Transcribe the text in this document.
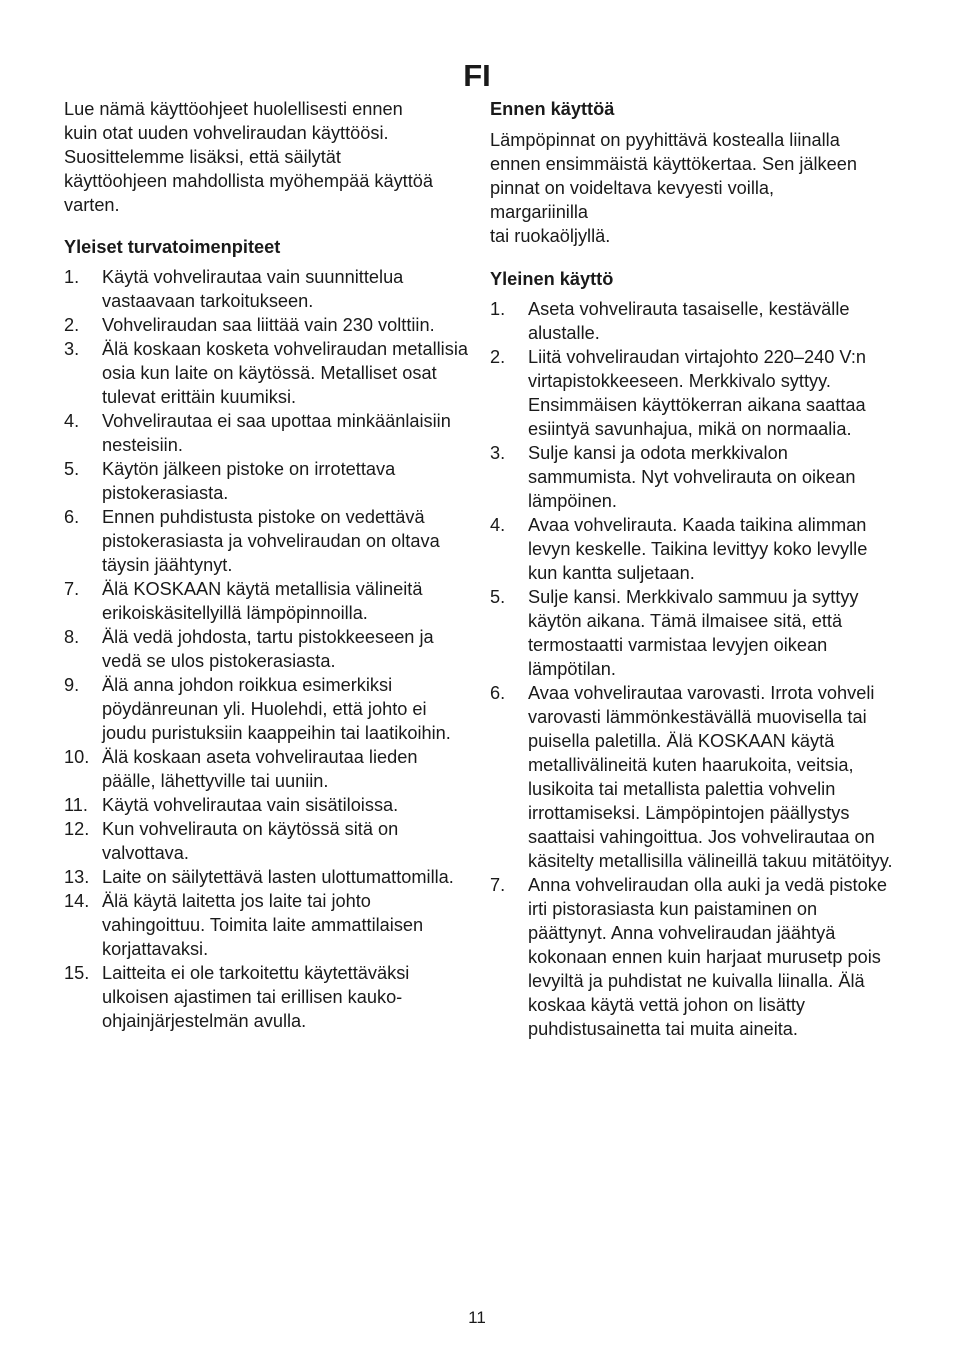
FI

Lue nämä käyttöohjeet huolellisesti ennen
kuin otat uuden vohveliraudan käyttöösi.
Suosittelemme lisäksi, että säilytät
käyttöohjeen mahdollista myöhempää käyttöä
varten.

Yleiset turvatoimenpiteet
1. Käytä vohvelirautaa vain suunnittelua vastaavaan tarkoitukseen.
2. Vohveliraudan saa liittää vain 230 volttiin.
3. Älä koskaan kosketa vohveliraudan metallisia osia kun laite on käytössä. Metalliset osat tulevat erittäin kuumiksi.
4. Vohvelirautaa ei saa upottaa minkäänlaisiin nesteisiin.
5. Käytön jälkeen pistoke on irrotettava pistokerasiasta.
6. Ennen puhdistusta pistoke on vedettävä pistokerasiasta ja vohveliraudan on oltava täysin jäähtynyt.
7. Älä KOSKAAN käytä metallisia välineitä erikoiskäsitellyillä lämpöpinnoilla.
8. Älä vedä johdosta, tartu pistokkeeseen ja vedä se ulos pistokerasiasta.
9. Älä anna johdon roikkua esimerkiksi pöydänreunan yli. Huolehdi, että johto ei joudu puristuksiin kaappeihin tai laatikoihin.
10. Älä koskaan aseta vohvelirautaa lieden päälle, lähettyville tai uuniin.
11. Käytä vohvelirautaa vain sisätiloissa.
12. Kun vohvelirauta on käytössä sitä on valvottava.
13. Laite on säilytettävä lasten ulottumattomilla.
14. Älä käytä laitetta jos laite tai johto vahingoittuu. Toimita laite ammattilaisen korjattavaksi.
15. Laitteita ei ole tarkoitettu käytettäväksi ulkoisen ajastimen tai erillisen kauko-ohjainjärjestelmän avulla.
Ennen käyttöä

Lämpöpinnat on pyyhittävä kostealla liinalla
ennen ensimmäistä käyttökertaa. Sen jälkeen
pinnat on voideltava kevyesti voilla,
margariinilla
tai ruokaöljyllä.

Yleinen käyttö
1. Aseta vohvelirauta tasaiselle, kestävälle alustalle.
2. Liitä vohveliraudan virtajohto 220–240 V:n virtapistokkeeseen. Merkkivalo syttyy. Ensimmäisen käyttökerran aikana saattaa esiintyä savunhajua, mikä on normaalia.
3. Sulje kansi ja odota merkkivalon sammumista. Nyt vohvelirauta on oikean lämpöinen.
4. Avaa vohvelirauta. Kaada taikina alimman levyn keskelle. Taikina levittyy koko levylle kun kantta suljetaan.
5. Sulje kansi. Merkkivalo sammuu ja syttyy käytön aikana. Tämä ilmaisee sitä, että termostaatti varmistaa levyjen oikean lämpötilan.
6. Avaa vohvelirautaa varovasti. Irrota vohveli varovasti lämmönkestävällä muovisella tai puisella paletilla. Älä KOSKAAN käytä metallivälineitä kuten haarukoita, veitsia, lusikoita tai metallista palettia vohvelin irrottamiseksi. Lämpöpintojen päällystys saattaisi vahingoittua. Jos vohvelirautaa on käsitelty metallisilla välineillä takuu mitätöityy.
7. Anna vohveliraudan olla auki ja vedä pistoke irti pistorasiasta kun paistaminen on päättynyt. Anna vohveliraudan jäähtyä kokonaan ennen kuin harjaat murusetp pois levyiltä ja puhdistat ne kuivalla liinalla. Älä koskaa käytä vettä johon on lisätty puhdistusainetta tai muita aineita.
11
